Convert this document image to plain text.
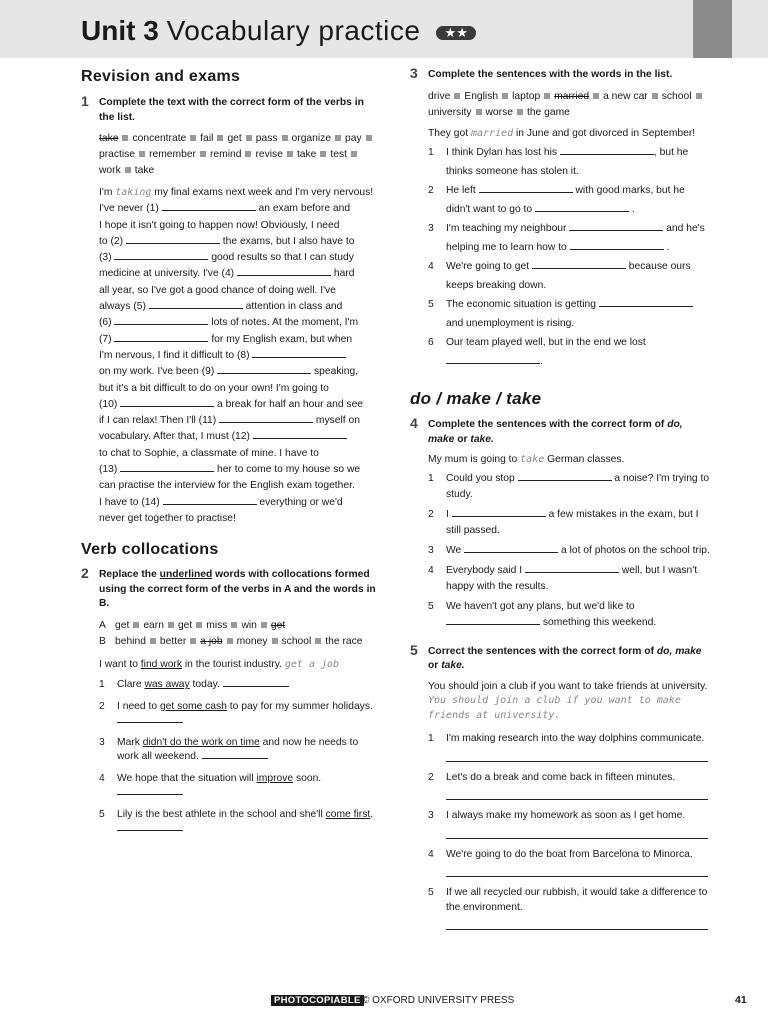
Unit 3 Vocabulary practice ★★
Revision and exams
1 Complete the text with the correct form of the verbs in the list.
take concentrate fail get pass organize paypractise remember remind revise take testwork take

I'm taking my final exams next week and I'm very nervous!

I've never (1)	an exam before and

I hope it isn't going to happen now! Obviously, I need

to (2)	the exams, but I also have to

(3)	good results so that I can study

medicine at university. I've (4)	hard

all year, so I've got a good chance of doing well. I've

always (5)	attention in class and

(6)	lots of notes. At the moment, I'm

(7)	for my English exam, but when

I'm nervous, I find it difficult to (8)

on my work. I've been (9)	speaking,

but it's a bit difficult to do on your own! I'm going to

(10)	a break for half an hour and see

if I can relax! Then I'll (11)	myself on

vocabulary. After that, I must (12)

to chat to Sophie, a classmate of mine. I have to

(13)	her to come to my house so we

can practise the interview for the English exam together.

I have to (14)	everything or we'd

never get together to practise!

Verb collocations
2 Replace the underlined words with collocations formed using the correct form of the verbs in A and the words in B.
A get earn get miss win get
B behind better a job money school the race
I want to find work in the tourist industry. get a job
1 Clare was away today.
2 I need to get some cash to pay for my summer holidays.

3 Mark didn't do the work on time and now he needs to work all weekend.
4 We hope that the situation will improve soon.

5 Lily is the best athlete in the school and she'll come first.
3 Complete the sentences with the words in the list.
drive English laptop married a new car schooluniversity worse the game
They got married in June and got divorced in September!
1 I think Dylan has lost his	, but he thinks someone has stolen it.
2 He left	with good marks, but he didn't want to go to	.
3 I'm teaching my neighbour	and he's helping me to learn how to	.
4 We're going to get	because ours keeps breaking down.
5 The economic situation is getting  and unemployment is rising.
6 Our team played well, but in the end we lost .
do / make / take
4 Complete the sentences with the correct form of do, make or take.
My mum is going to take German classes.
1 Could you stop	a noise? I'm trying to study.
2 I	a few mistakes in the exam, but I still passed.
3 We	a lot of photos on the school trip.
4 Everybody said I	well, but I wasn't happy with the results.
5 We haven't got any plans, but we'd like to
something this weekend.
5 Correct the sentences with the correct form of do, make or take.
You should join a club if you want to take friends at university.
You should join a club if you want to make friends at university.
1 I'm making research into the way dolphins communicate.
2 Let's do a break and come back in fifteen minutes.
3 I always make my homework as soon as I get home.
4 We're going to do the boat from Barcelona to Minorca.
5 If we all recycled our rubbish, it would take a difference to the environment.
PHOTOCOPIABLE © OXFORD UNIVERSITY PRESS	41
